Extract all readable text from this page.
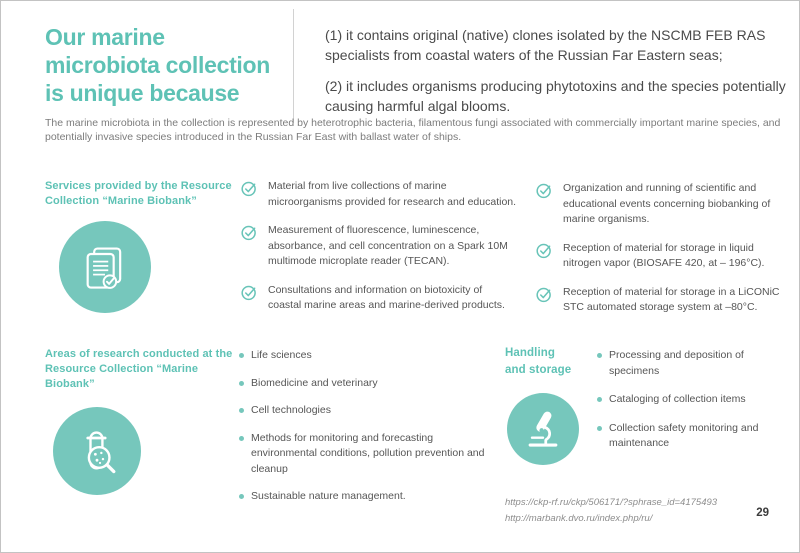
Our marine
microbiota collection
is unique because

(1) it contains original (native) clones isolated by the NSCMB FEB RAS specialists from coastal waters of the Russian Far Eastern seas;

(2) it includes organisms producing phytotoxins and the species potentially causing harmful algal blooms.

The marine microbiota in the collection is represented by heterotrophic bacteria, filamentous fungi associated with commercially important marine species, and potentially invasive species introduced in the Russian Far East with ballast water of ships.

Services provided by the Resource Collection “Marine Biobank”
Material from live collections of marine microorganisms provided for research and education.
Measurement of fluorescence, luminescence, absorbance, and cell concentration on a Spark 10M multimode microplate reader (TECAN).
Consultations and information on biotoxicity of coastal marine areas and marine-derived products.
Organization and running of scientific and educational events concerning biobanking of marine organisms.
Reception of material for storage in liquid nitrogen vapor (BIOSAFE 420, at – 196°C).
Reception of material for storage in a LiCONiC STC automated storage system at –80°C.
Areas of research conducted at the Resource Collection “Marine Biobank”
Life sciences
Biomedicine and veterinary
Cell technologies
Methods for monitoring and forecasting environmental conditions, pollution prevention and cleanup
Sustainable nature management.
Handling
and storage
Processing and deposition of specimens
Cataloging of collection items
Collection safety monitoring and maintenance
https://ckp-rf.ru/ckp/506171/?sphrase_id=4175493
http://marbank.dvo.ru/index.php/ru/	29
